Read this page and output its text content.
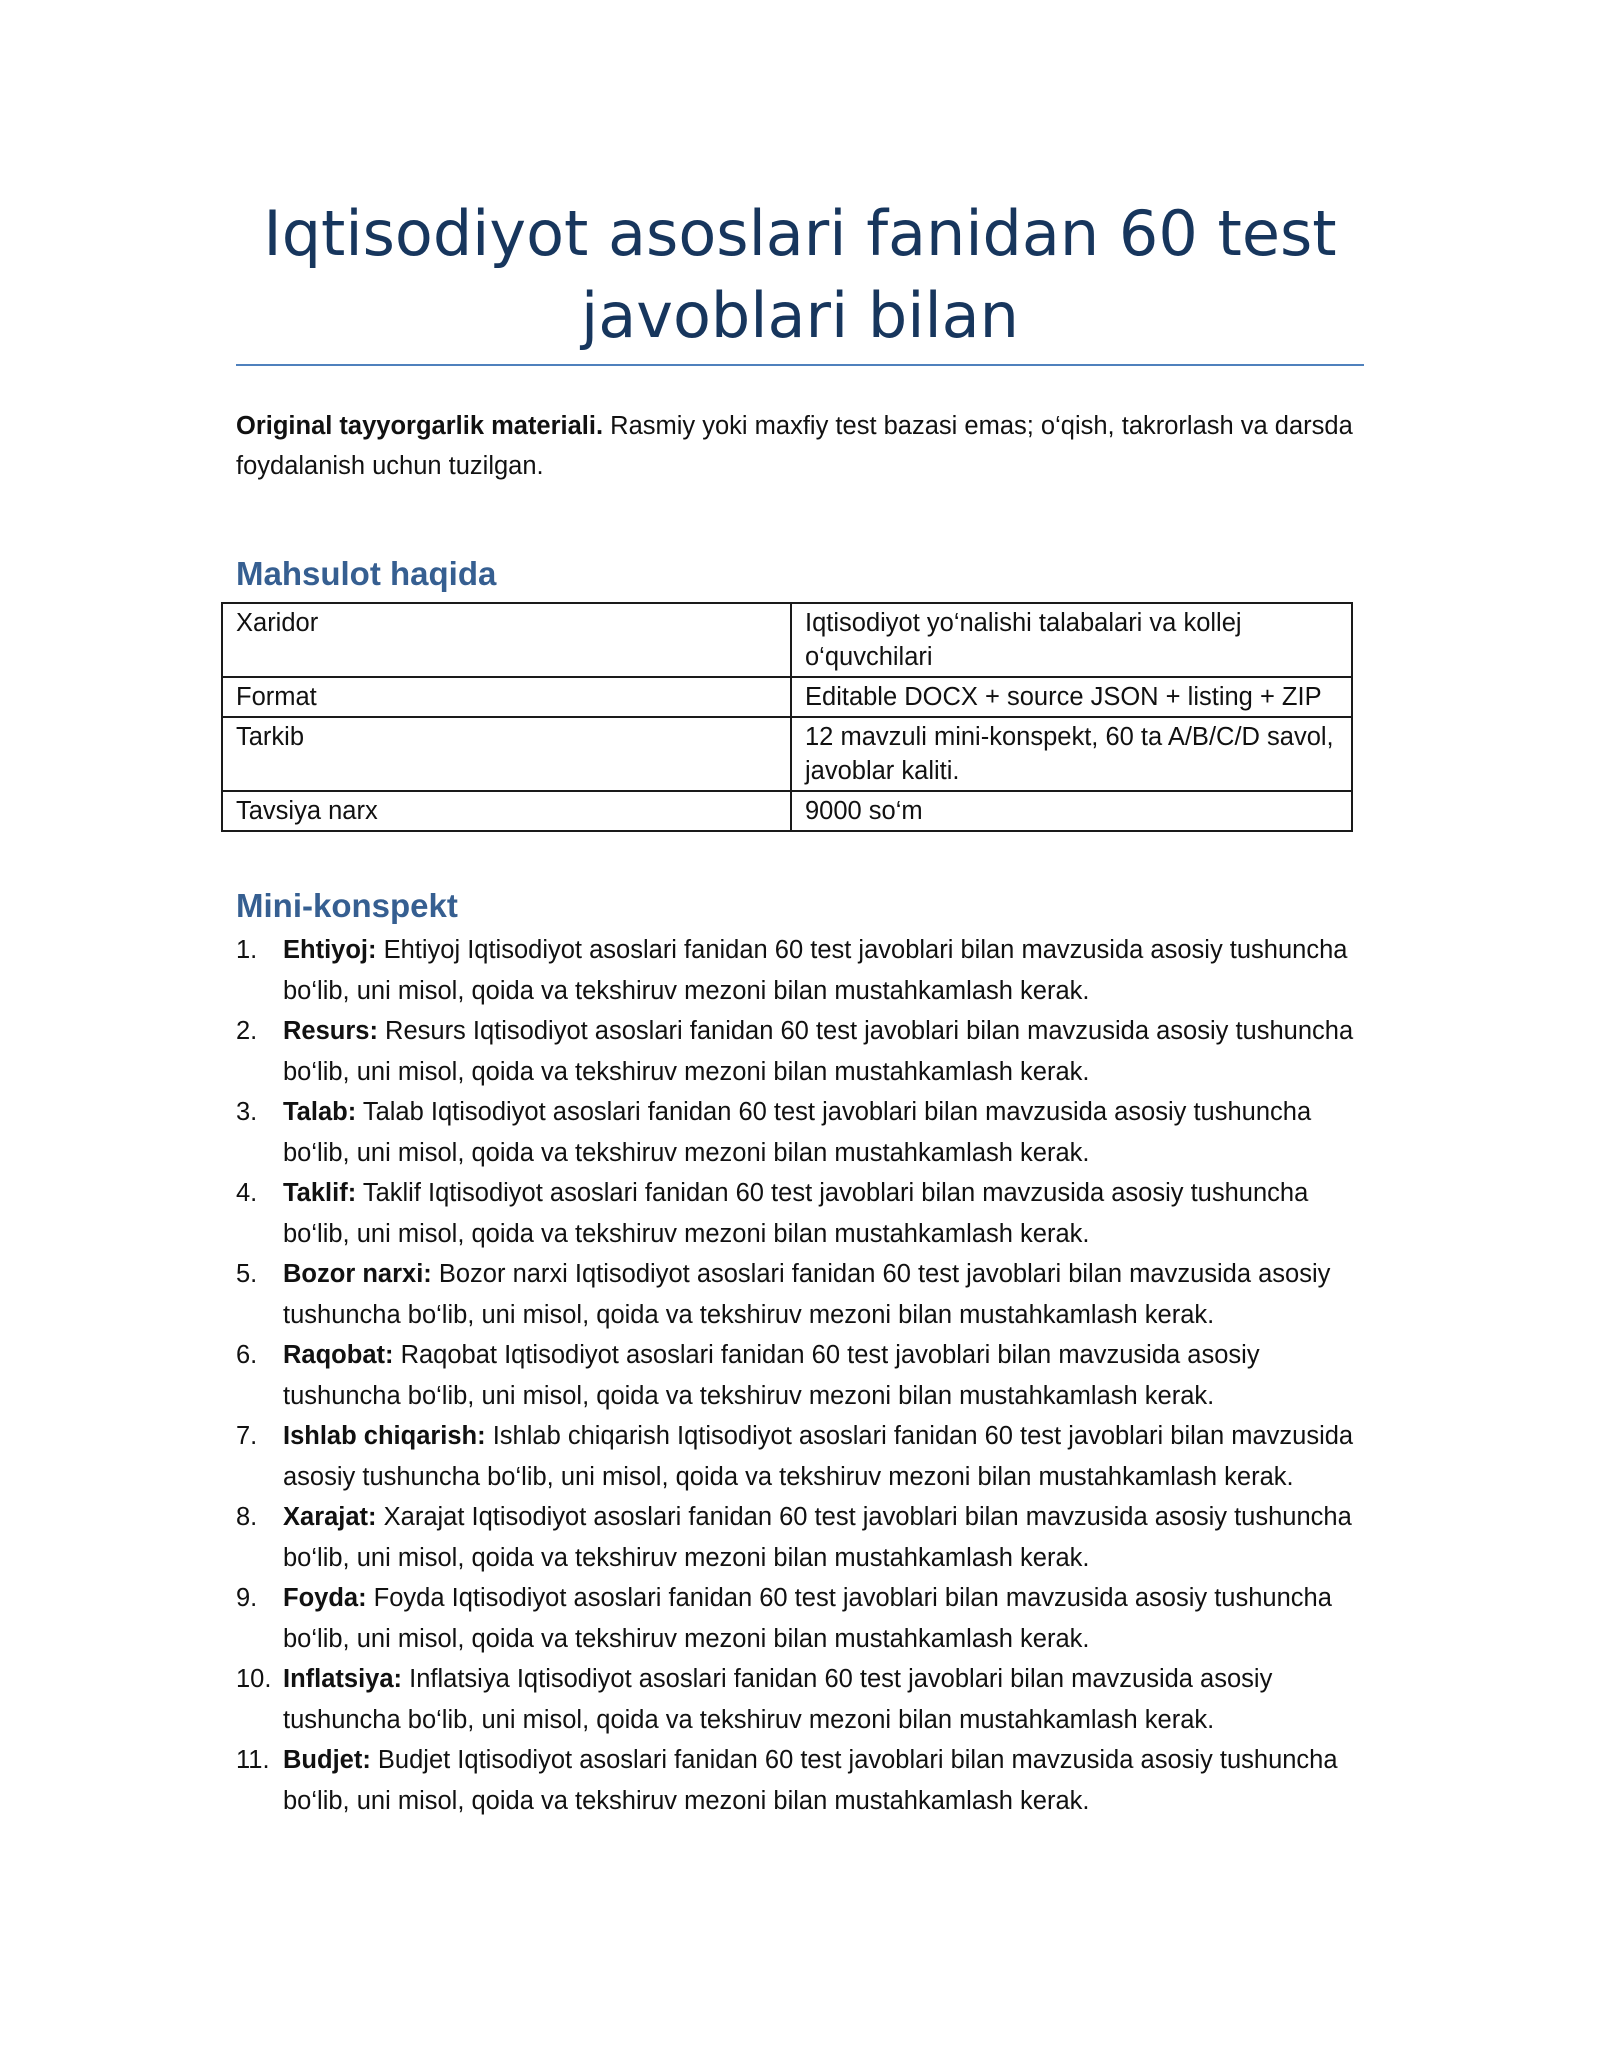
Iqtisodiyot asoslari fanidan 60 test javoblari bilan

Original tayyorgarlik materiali. Rasmiy yoki maxfiy test bazasi emas; o‘qish, takrorlash va darsda foydalanish uchun tuzilgan.

Mahsulot haqida
Xaridor	Iqtisodiyot yo‘nalishi talabalari va kollej o‘quvchilari
Format	Editable DOCX + source JSON + listing + ZIP
Tarkib	12 mavzuli mini-konspekt, 60 ta A/B/C/D savol, javoblar kaliti.
Tavsiya narx	9000 so‘m
Mini-konspekt
1. Ehtiyoj: Ehtiyoj Iqtisodiyot asoslari fanidan 60 test javoblari bilan mavzusida asosiy tushuncha bo‘lib, uni misol, qoida va tekshiruv mezoni bilan mustahkamlash kerak.
2. Resurs: Resurs Iqtisodiyot asoslari fanidan 60 test javoblari bilan mavzusida asosiy tushuncha bo‘lib, uni misol, qoida va tekshiruv mezoni bilan mustahkamlash kerak.
3. Talab: Talab Iqtisodiyot asoslari fanidan 60 test javoblari bilan mavzusida asosiy tushuncha bo‘lib, uni misol, qoida va tekshiruv mezoni bilan mustahkamlash kerak.
4. Taklif: Taklif Iqtisodiyot asoslari fanidan 60 test javoblari bilan mavzusida asosiy tushuncha bo‘lib, uni misol, qoida va tekshiruv mezoni bilan mustahkamlash kerak.
5. Bozor narxi: Bozor narxi Iqtisodiyot asoslari fanidan 60 test javoblari bilan mavzusida asosiy tushuncha bo‘lib, uni misol, qoida va tekshiruv mezoni bilan mustahkamlash kerak.
6. Raqobat: Raqobat Iqtisodiyot asoslari fanidan 60 test javoblari bilan mavzusida asosiy tushuncha bo‘lib, uni misol, qoida va tekshiruv mezoni bilan mustahkamlash kerak.
7. Ishlab chiqarish: Ishlab chiqarish Iqtisodiyot asoslari fanidan 60 test javoblari bilan mavzusida asosiy tushuncha bo‘lib, uni misol, qoida va tekshiruv mezoni bilan mustahkamlash kerak.
8. Xarajat: Xarajat Iqtisodiyot asoslari fanidan 60 test javoblari bilan mavzusida asosiy tushuncha bo‘lib, uni misol, qoida va tekshiruv mezoni bilan mustahkamlash kerak.
9. Foyda: Foyda Iqtisodiyot asoslari fanidan 60 test javoblari bilan mavzusida asosiy tushuncha bo‘lib, uni misol, qoida va tekshiruv mezoni bilan mustahkamlash kerak.
10. Inflatsiya: Inflatsiya Iqtisodiyot asoslari fanidan 60 test javoblari bilan mavzusida asosiy tushuncha bo‘lib, uni misol, qoida va tekshiruv mezoni bilan mustahkamlash kerak.
11. Budjet: Budjet Iqtisodiyot asoslari fanidan 60 test javoblari bilan mavzusida asosiy tushuncha bo‘lib, uni misol, qoida va tekshiruv mezoni bilan mustahkamlash kerak.
